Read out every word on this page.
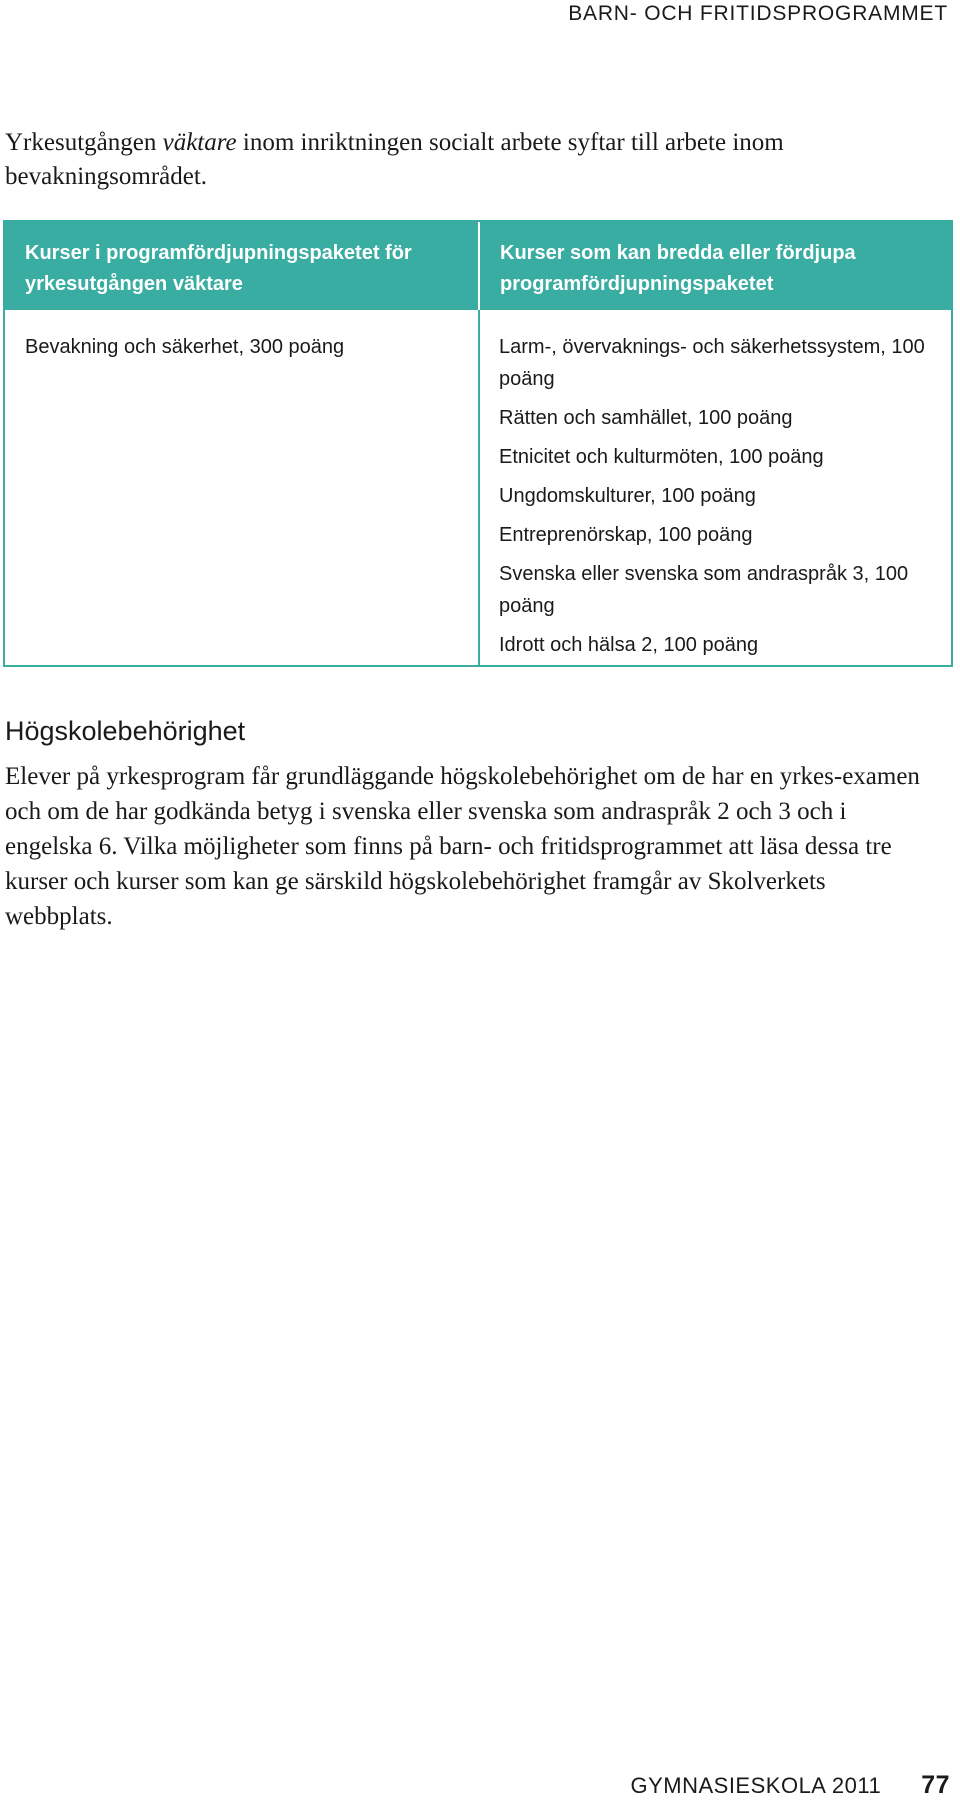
BARN- OCH FRITIDSPROGRAMMET

Yrkesutgången väktare inom inriktningen socialt arbete syftar till arbete inom bevakningsområdet.

Kurser i programfördjupningspaketet för yrkesutgången väktare
Kurser som kan bredda eller fördjupa programfördjupningspaketet
Bevakning och säkerhet, 300 poäng	Larm-, övervaknings- och säkerhetssystem, 100 poäng
Rätten och samhället, 100 poäng
Etnicitet och kulturmöten, 100 poäng
Ungdomskulturer, 100 poäng
Entreprenörskap, 100 poäng
Svenska eller svenska som andraspråk 3, 100 poäng
Idrott och hälsa 2, 100 poäng
Högskolebehörighet

Elever på yrkesprogram får grundläggande högskolebehörighet om de har en yrkes-examen och om de har godkända betyg i svenska eller svenska som andraspråk 2 och 3 och i engelska 6. Vilka möjligheter som finns på barn- och fritidsprogrammet att läsa dessa tre kurser och kurser som kan ge särskild högskolebehörighet framgår av Skolverkets webbplats.

GYMNASIESKOLA 2011 77
